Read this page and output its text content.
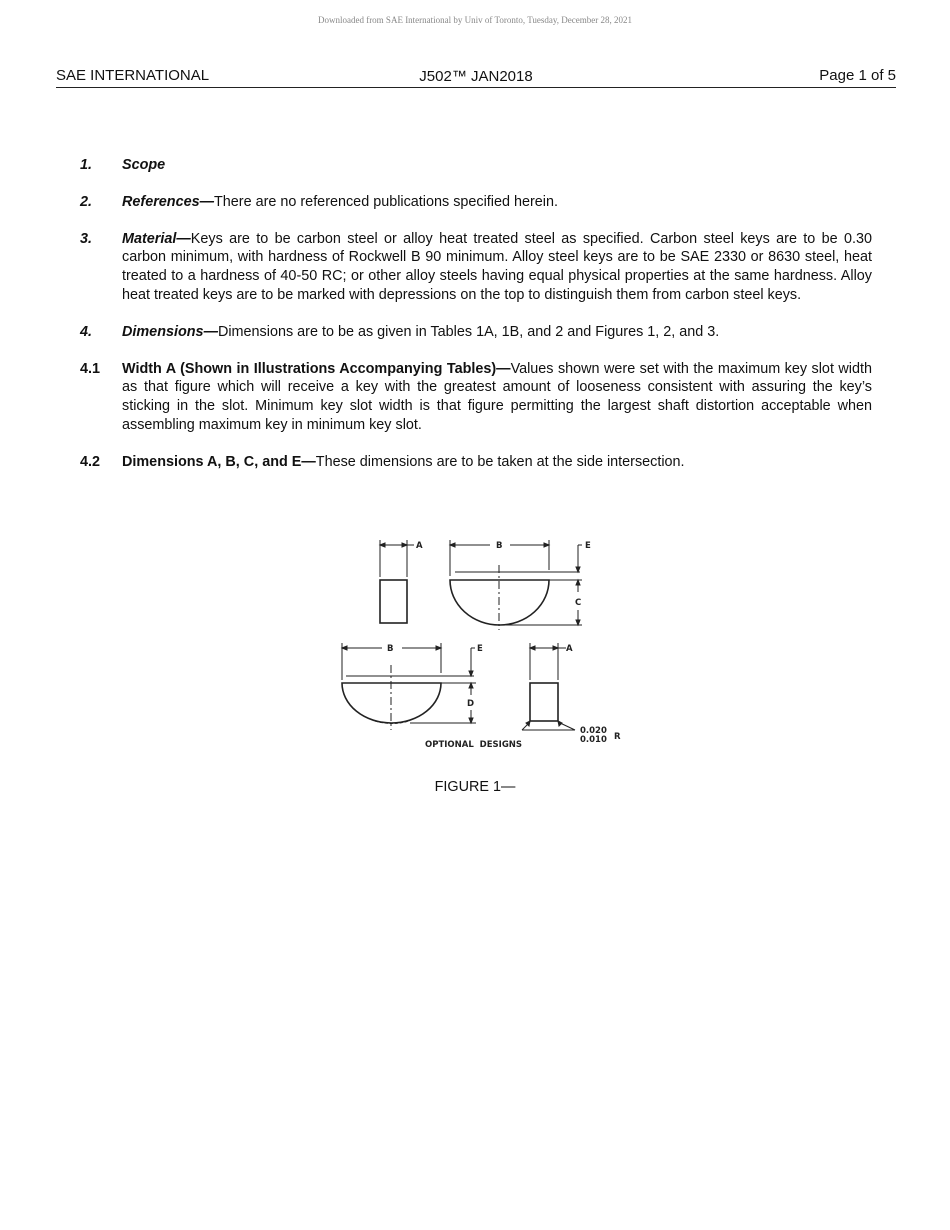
Downloaded from SAE International by Univ of Toronto, Tuesday, December 28, 2021
SAE INTERNATIONAL	J502™ JAN2018	Page 1 of 5
1.	Scope
2.	References—There are no referenced publications specified herein.
3.	Material—Keys are to be carbon steel or alloy heat treated steel as specified. Carbon steel keys are to be 0.30 carbon minimum, with hardness of Rockwell B 90 minimum. Alloy steel keys are to be SAE 2330 or 8630 steel, heat treated to a hardness of 40-50 RC; or other alloy steels having equal physical properties at the same hardness. Alloy heat treated keys are to be marked with depressions on the top to distinguish them from carbon steel keys.
4.	Dimensions—Dimensions are to be as given in Tables 1A, 1B, and 2 and Figures 1, 2, and 3.
4.1	Width A (Shown in Illustrations Accompanying Tables)—Values shown were set with the maximum key slot width as that figure which will receive a key with the greatest amount of looseness consistent with assuring the key’s sticking in the slot. Minimum key slot width is that figure permitting the largest shaft distortion acceptable when assembling maximum key in minimum key slot.
4.2	Dimensions A, B, C, and E—These dimensions are to be taken at the side intersection.
A	B	E
C
B	E
D
A
0.020
0.010 R
OPTIONAL  DESIGNS
FIGURE 1—
